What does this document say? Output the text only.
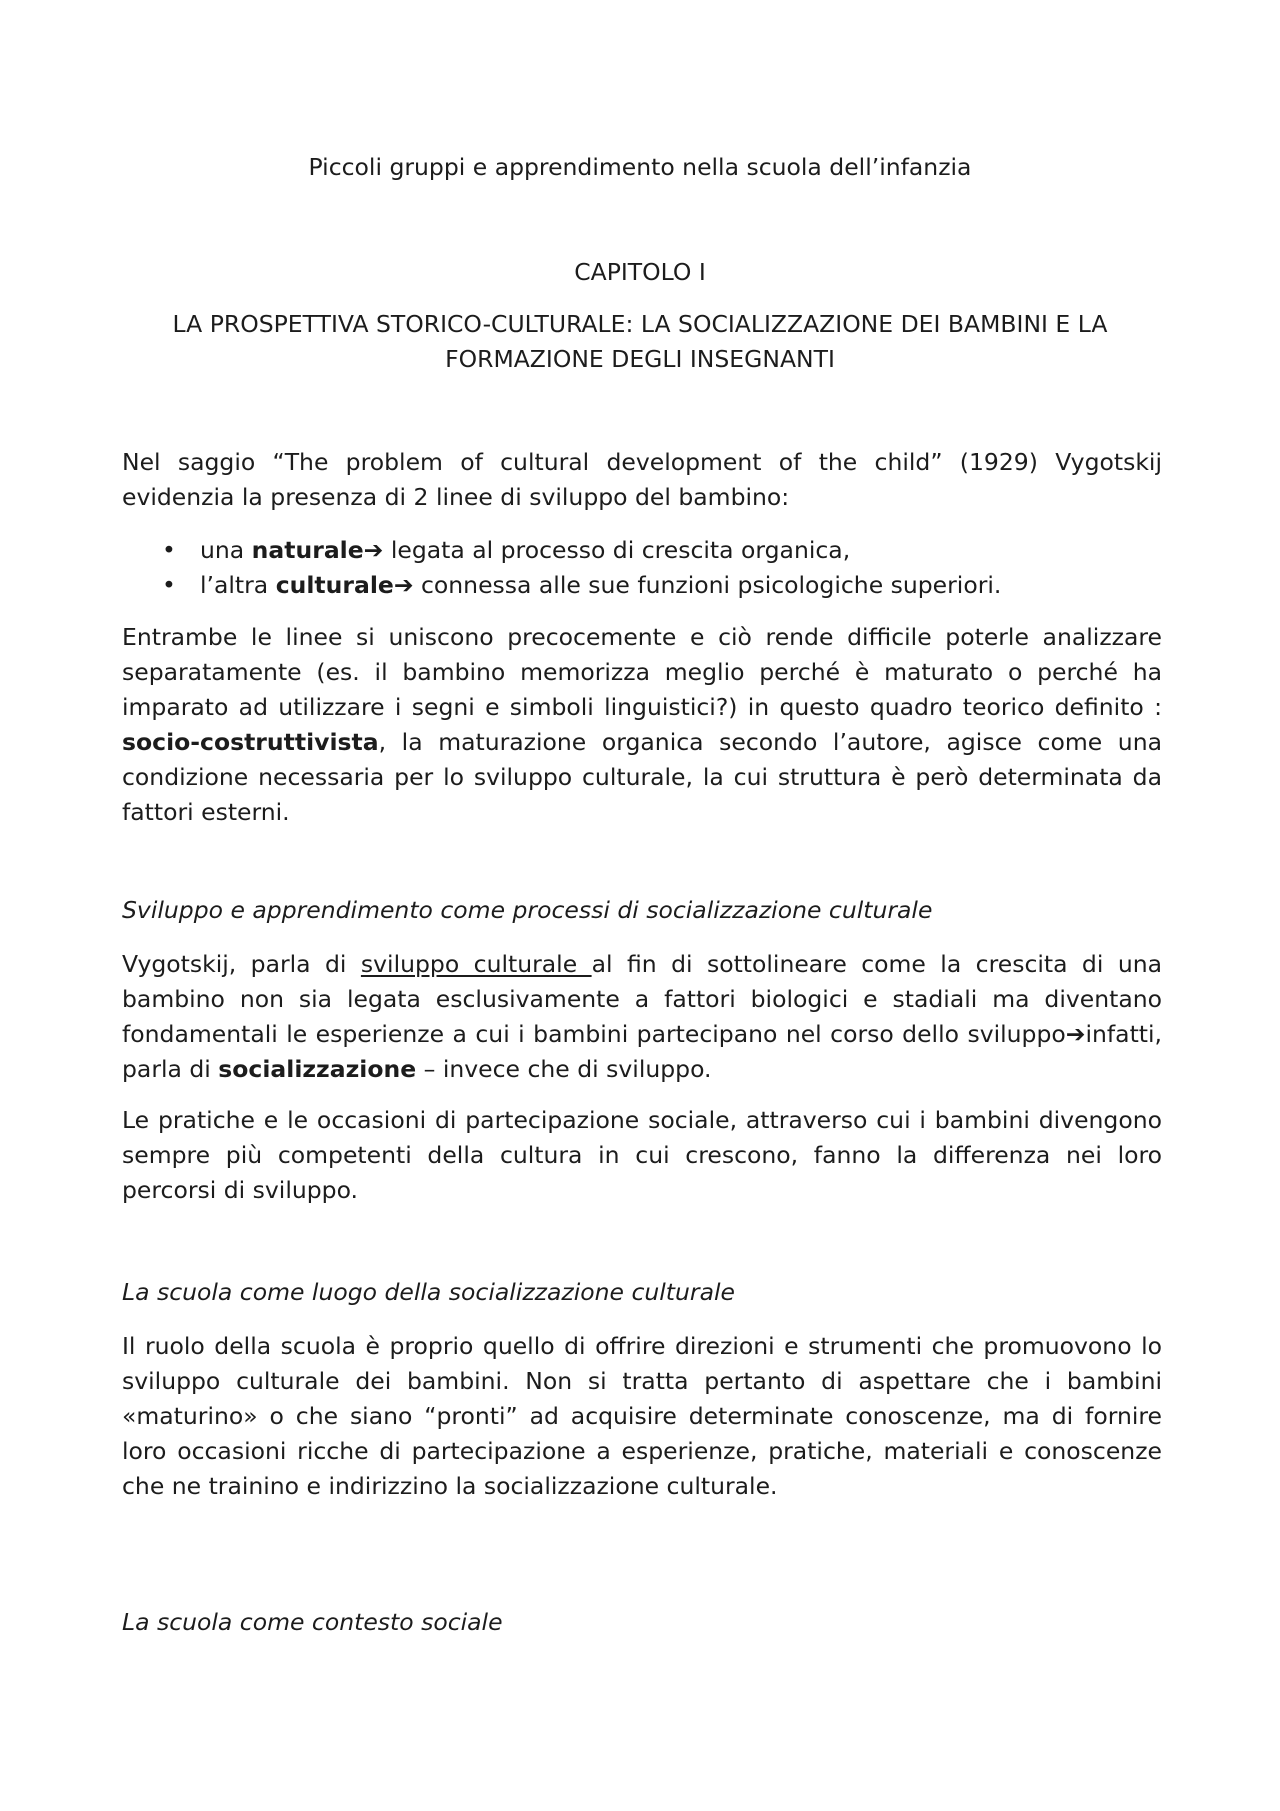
Piccoli gruppi e apprendimento nella scuola dell’infanzia
CAPITOLO I
LA PROSPETTIVA STORICO-CULTURALE: LA SOCIALIZZAZIONE DEI BAMBINI E LA
FORMAZIONE DEGLI INSEGNANTI

Nel saggio “The problem of cultural development of the child” (1929) Vygotskij evidenzia la presenza di 2 linee di sviluppo del bambino:

• una naturale➔ legata al processo di crescita organica,
• l’altra culturale➔ connessa alle sue funzioni psicologiche superiori.

Entrambe le linee si uniscono precocemente e ciò rende difficile poterle analizzare separatamente (es. il bambino memorizza meglio perché è maturato o perché ha imparato ad utilizzare i segni e simboli linguistici?) in questo quadro teorico definito : socio-costruttivista, la maturazione organica secondo l’autore, agisce come una condizione necessaria per lo sviluppo culturale, la cui struttura è però determinata da fattori esterni.

Sviluppo e apprendimento come processi di socializzazione culturale

Vygotskij, parla di sviluppo culturale al fin di sottolineare come la crescita di una bambino non sia legata esclusivamente a fattori biologici e stadiali ma diventano fondamentali le esperienze a cui i bambini partecipano nel corso dello sviluppo➔infatti, parla di socializzazione – invece che di sviluppo.

Le pratiche e le occasioni di partecipazione sociale, attraverso cui i bambini divengono sempre più competenti della cultura in cui crescono, fanno la differenza nei loro percorsi di sviluppo.

La scuola come luogo della socializzazione culturale

Il ruolo della scuola è proprio quello di offrire direzioni e strumenti che promuovono lo sviluppo culturale dei bambini. Non si tratta pertanto di aspettare che i bambini «maturino» o che siano “pronti” ad acquisire determinate conoscenze, ma di fornire loro occasioni ricche di partecipazione a esperienze, pratiche, materiali e conoscenze che ne trainino e indirizzino la socializzazione culturale.

La scuola come contesto sociale
